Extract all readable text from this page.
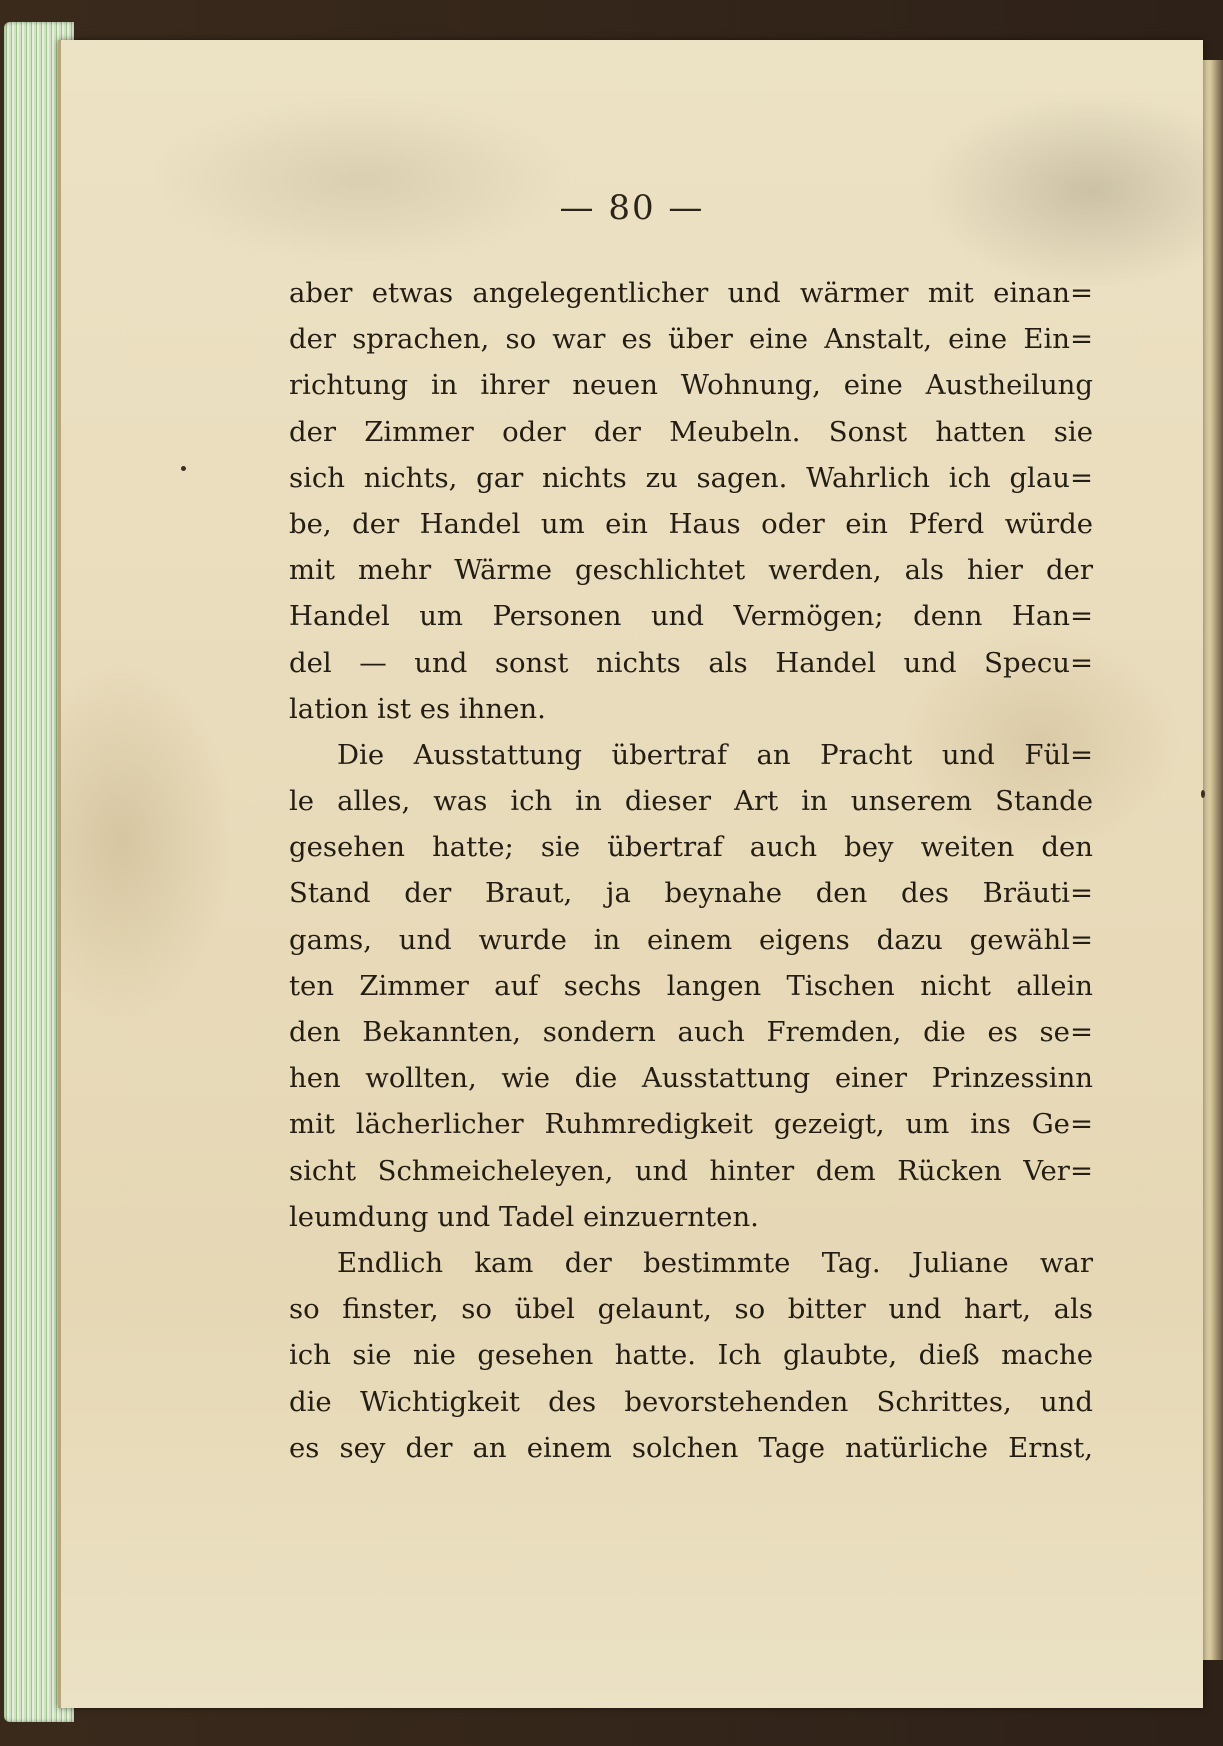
— 80 —
aber etwas angelegentlicher und wärmer mit einan=
der sprachen, so war es über eine Anstalt, eine Ein=
richtung in ihrer neuen Wohnung, eine Austheilung
der Zimmer oder der Meubeln. Sonst hatten sie
sich nichts, gar nichts zu sagen. Wahrlich ich glau=
be, der Handel um ein Haus oder ein Pferd würde
mit mehr Wärme geschlichtet werden, als hier der
Handel um Personen und Vermögen; denn Han=
del — und sonst nichts als Handel und Specu=
lation ist es ihnen.
Die Ausstattung übertraf an Pracht und Fül=
le alles, was ich in dieser Art in unserem Stande
gesehen hatte; sie übertraf auch bey weiten den
Stand der Braut, ja beynahe den des Bräuti=
gams, und wurde in einem eigens dazu gewähl=
ten Zimmer auf sechs langen Tischen nicht allein
den Bekannten, sondern auch Fremden, die es se=
hen wollten, wie die Ausstattung einer Prinzessinn
mit lächerlicher Ruhmredigkeit gezeigt, um ins Ge=
sicht Schmeicheleyen, und hinter dem Rücken Ver=
leumdung und Tadel einzuernten.
Endlich kam der bestimmte Tag. Juliane war
so finster, so übel gelaunt, so bitter und hart, als
ich sie nie gesehen hatte. Ich glaubte, dieß mache
die Wichtigkeit des bevorstehenden Schrittes, und
es sey der an einem solchen Tage natürliche Ernst,
